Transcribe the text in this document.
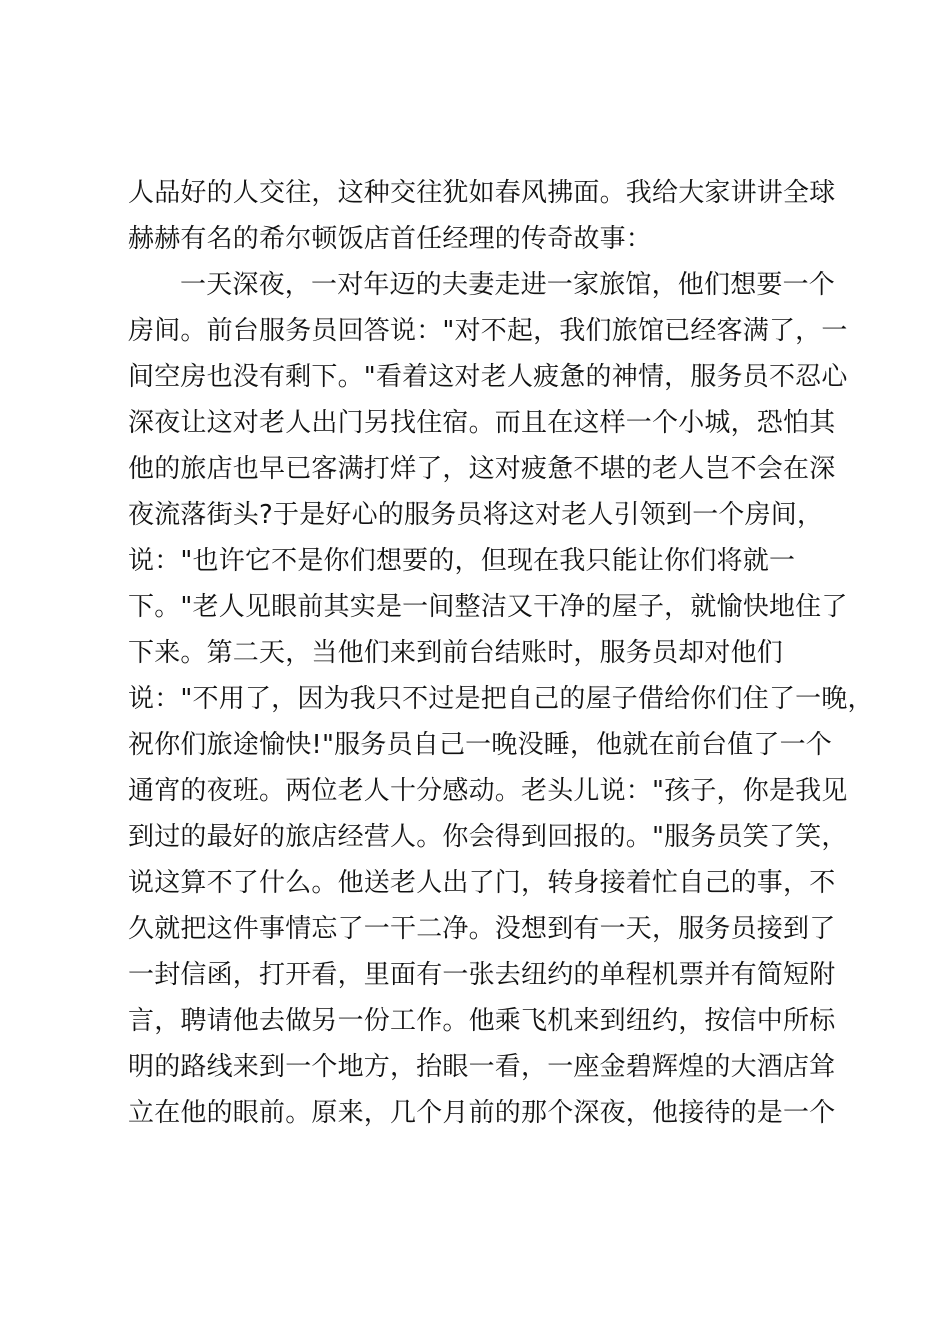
人品好的人交往，这种交往犹如春风拂面。我给大家讲讲全球
赫赫有名的希尔顿饭店首任经理的传奇故事：
一天深夜，一对年迈的夫妻走进一家旅馆，他们想要一个
房间。前台服务员回答说："对不起，我们旅馆已经客满了，一
间空房也没有剩下。"看着这对老人疲惫的神情，服务员不忍心
深夜让这对老人出门另找住宿。而且在这样一个小城，恐怕其
他的旅店也早已客满打烊了，这对疲惫不堪的老人岂不会在深
夜流落街头?于是好心的服务员将这对老人引领到一个房间，
说："也许它不是你们想要的，但现在我只能让你们将就一
下。"老人见眼前其实是一间整洁又干净的屋子，就愉快地住了
下来。第二天，当他们来到前台结账时，服务员却对他们
说："不用了，因为我只不过是把自己的屋子借给你们住了一晚，
祝你们旅途愉快!"服务员自己一晚没睡，他就在前台值了一个
通宵的夜班。两位老人十分感动。老头儿说："孩子，你是我见
到过的最好的旅店经营人。你会得到回报的。"服务员笑了笑，
说这算不了什么。他送老人出了门，转身接着忙自己的事，不
久就把这件事情忘了一干二净。没想到有一天，服务员接到了
一封信函，打开看，里面有一张去纽约的单程机票并有简短附
言，聘请他去做另一份工作。他乘飞机来到纽约，按信中所标
明的路线来到一个地方，抬眼一看，一座金碧辉煌的大酒店耸
立在他的眼前。原来，几个月前的那个深夜，他接待的是一个
